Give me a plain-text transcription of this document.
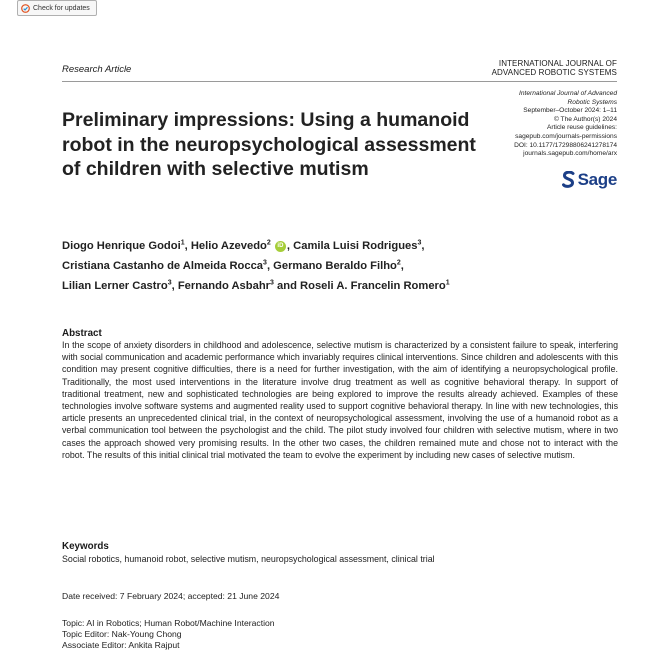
Check for updates
Research Article
INTERNATIONAL JOURNAL OF
ADVANCED ROBOTIC SYSTEMS
Preliminary impressions: Using a humanoid robot in the neuropsychological assessment of children with selective mutism
International Journal of Advanced
Robotic Systems
September–October 2024: 1–11
© The Author(s) 2024
Article reuse guidelines:
sagepub.com/journals-permissions
DOI: 10.1177/17298806241278174
journals.sagepub.com/home/arx
Sage

Diogo Henrique Godoi$^1$, Helio Azevedo$^2$ iD , Camila Luisi Rodrigues$^3$,
Cristiana Castanho de Almeida Rocca$^3$, Germano Beraldo Filho$^2$,
Lilian Lerner Castro$^3$, Fernando Asbahr$^3$ and Roseli A. Francelin Romero$^1$

Abstract

In the scope of anxiety disorders in childhood and adolescence, selective mutism is characterized by a consistent failure to speak, interfering with social communication and academic performance which invariably requires clinical interventions. Since children and adolescents with this condition may present cognitive difficulties, there is a need for further investigation, with the aim of identifying a neuropsychological profile. Traditionally, the most used interventions in the literature involve drug treatment as well as cognitive behavioral therapy. In support of traditional treatment, new and sophisticated technologies are being explored to improve the results already achieved. Examples of these technologies involve software systems and augmented reality used to support cognitive behavioral therapy. In line with new technologies, this article presents an unprecedented clinical trial, in the context of neuropsychological assessment, involving the use of a humanoid robot as a verbal communication tool between the psychologist and the child. The pilot study involved four children with selective mutism, where in two cases the approach showed very promising results. In the other two cases, the children remained mute and chose not to interact with the robot. The results of this initial clinical trial motivated the team to evolve the experiment by including new cases of selective mutism.

Keywords
Social robotics, humanoid robot, selective mutism, neuropsychological assessment, clinical trial
Date received: 7 February 2024; accepted: 21 June 2024
Topic: AI in Robotics; Human Robot/Machine Interaction
Topic Editor: Nak-Young Chong
Associate Editor: Ankita Rajput
